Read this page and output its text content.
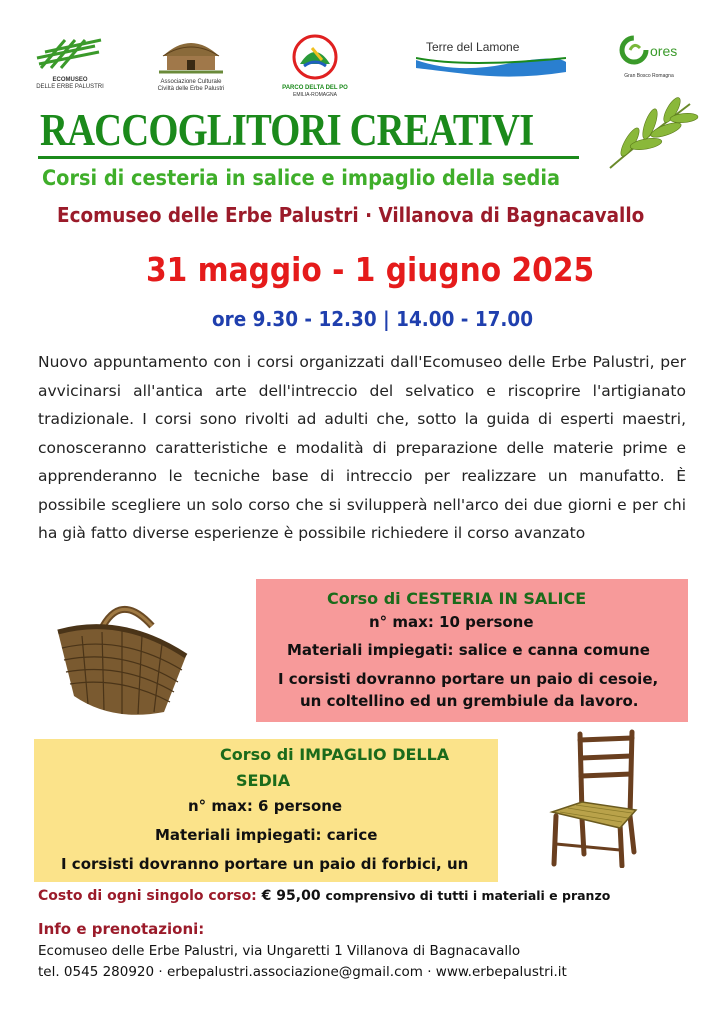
ECOMUSEO
DELLE ERBE PALUSTRI
Associazione Culturale
Civiltà delle Erbe Palustri	PARCO DELTA DEL PO
EMILIA-ROMAGNA
Terre del Lamone	ores
Gran Bosco Romagna
RACCOGLITORI CREATIVI
Corsi di cesteria in salice e impaglio della sedia
Ecomuseo delle Erbe Palustri · Villanova di Bagnacavallo
31 maggio - 1 giugno 2025
ore 9.30 - 12.30 | 14.00 - 17.00
Nuovo appuntamento con i corsi organizzati dall'Ecomuseo delle Erbe Palustri, per avvicinarsi all'antica arte dell'intreccio del selvatico e riscoprire l'artigianato tradizionale. I corsi sono rivolti ad adulti che, sotto la guida di esperti maestri, conosceranno caratteristiche e modalità di preparazione delle materie prime e apprenderanno le tecniche base di intreccio per realizzare un manufatto. È possibile scegliere un solo corso che si svilupperà nell'arco dei due giorni e per chi ha già fatto diverse esperienze è possibile richiedere il corso avanzato
Corso di CESTERIA IN SALICE
n° max: 10 persone
Materiali impiegati: salice e canna comune
I corsisti dovranno portare un paio di cesoie,
un coltellino ed un grembiule da lavoro.
Corso di IMPAGLIO DELLA
SEDIA
n° max: 6 persone
Materiali impiegati: carice
I corsisti dovranno portare un paio di forbici, un
Costo di ogni singolo corso: € 95,00 comprensivo di tutti i materiali e pranzo
Info e prenotazioni:
Ecomuseo delle Erbe Palustri, via Ungaretti 1 Villanova di Bagnacavallo
tel. 0545 280920 · erbepalustri.associazione@gmail.com · www.erbepalustri.it
